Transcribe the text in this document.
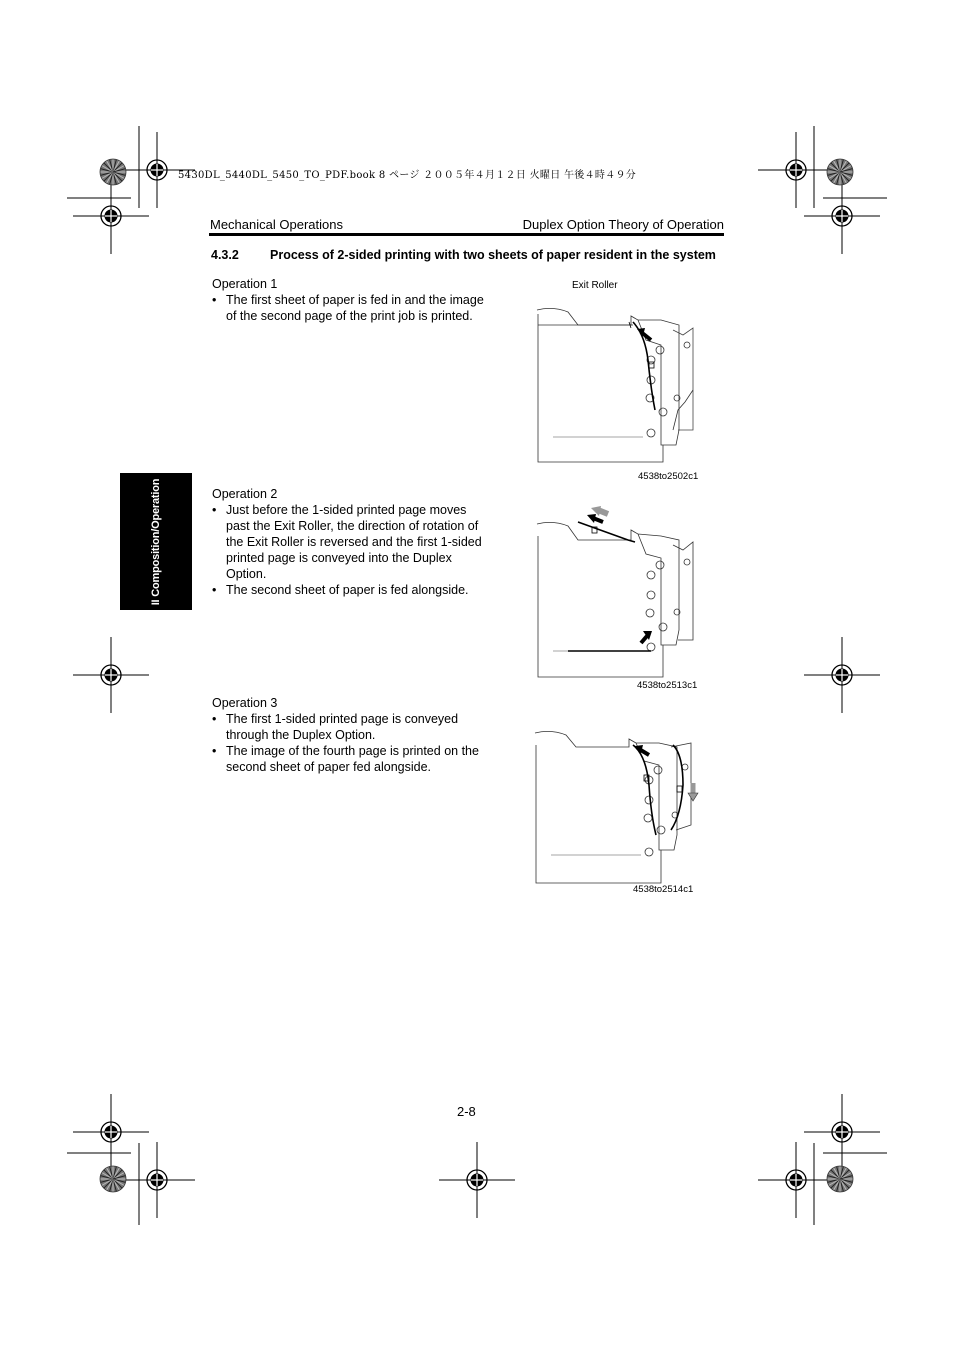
5430DL_5440DL_5450_TO_PDF.book 8 ページ ２００５年４月１２日 火曜日 午後４時４９分
Mechanical Operations	Duplex Option Theory of Operation
4.3.2 Process of 2-sided printing with two sheets of paper resident in the system
II Composition/Operation

Operation 1

• The first sheet of paper is fed in and the image of the second page of the print job is printed.

Operation 2

• Just before the 1-sided printed page moves past the Exit Roller, the direction of rotation of the Exit Roller is reversed and the first 1-sided printed page is conveyed into the Duplex Option.
• The second sheet of paper is fed alongside.

Operation 3

• The first 1-sided printed page is conveyed through the Duplex Option.
• The image of the fourth page is printed on the second sheet of paper fed alongside.
Exit Roller
4538to2502c1
4538to2513c1
4538to2514c1
2-8
